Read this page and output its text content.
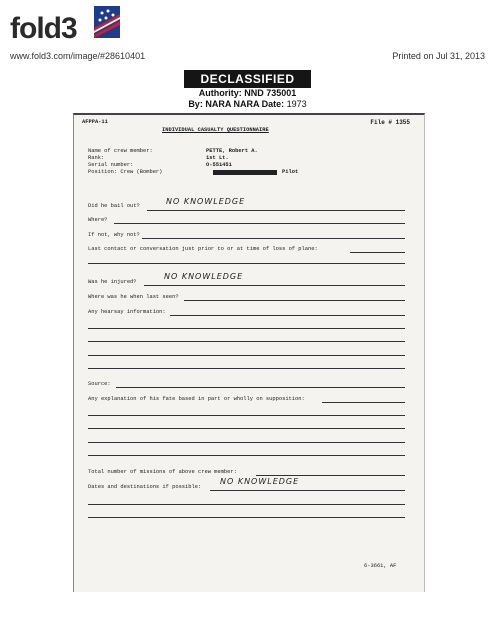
fold3
www.fold3.com/image/#28610401	Printed on Jul 31, 2013
DECLASSIFIED
Authority: NND 735001
By: NARA NARA Date: 1973
AFPPA-11	File # 1355
INDIVIDUAL CASUALTY QUESTIONNAIRE
Name of crew member:	PETTE, Robert A.
Rank:	1st Lt.
Serial number:	O-551451
Position: Crew (Bomber)	Pilot
Did he bail out?	NO KNOWLEDGE
Where?
If not, why not?
Last contact or conversation just prior to or at time of loss of plane:
Was he injured?
NO KNOWLEDGE
Where was he when last seen?
Any hearsay information:
Source:
Any explanation of his fate based in part or wholly on supposition:
Total number of missions of above crew member:
Dates and destinations if possible:
NO KNOWLEDGE
6-3661, AF
